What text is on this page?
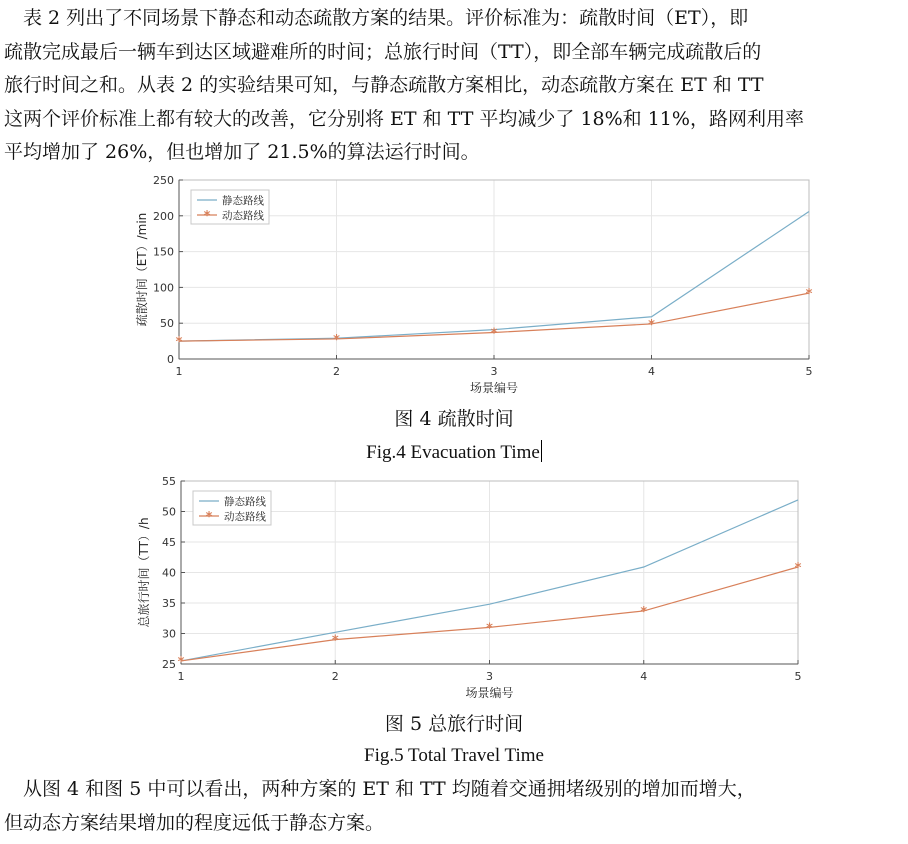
　表 2 列出了不同场景下静态和动态疏散方案的结果。评价标准为：疏散时间（ET），即
疏散完成最后一辆车到达区域避难所的时间；总旅行时间（TT），即全部车辆完成疏散后的
旅行时间之和。从表 2 的实验结果可知，与静态疏散方案相比，动态疏散方案在 ET 和 TT
这两个评价标准上都有较大的改善，它分别将 ET 和 TT 平均减少了 18%和 11%，路网利用率
平均增加了 26%，但也增加了 21.5%的算法运行时间。
0
50
100
150
200
250
1	2	3	4	5
场景编号
疏散时间（ET）/min
*	*	*
*
*
静态路线
* 动态路线
图 4 疏散时间
Fig.4 Evacuation Time
25
30
35
40
45
50
55
1	2	3	4	5
场景编号
总旅行时间（TT）/h
*
*
*
*
*
静态路线
* 动态路线
图 5 总旅行时间
Fig.5 Total Travel Time
　从图 4 和图 5 中可以看出，两种方案的 ET 和 TT 均随着交通拥堵级别的增加而增大，
但动态方案结果增加的程度远低于静态方案。
